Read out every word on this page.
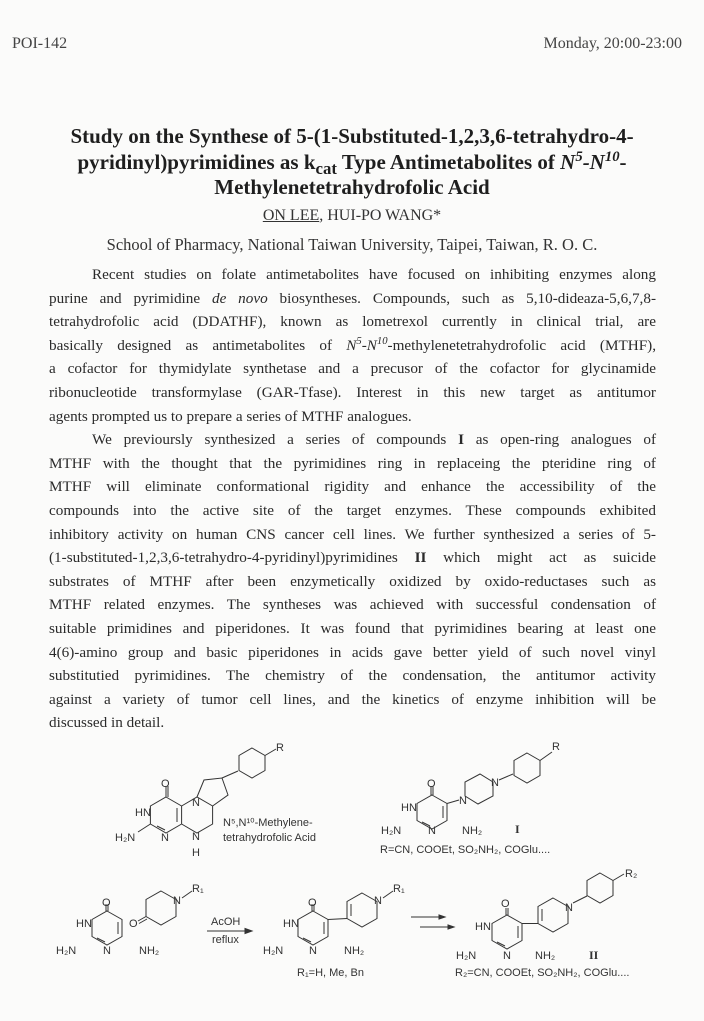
POI-142	Monday, 20:00-23:00
Study on the Synthese of 5-(1-Substituted-1,2,3,6-tetrahydro-4-
pyridinyl)pyrimidines as $k_{cat}$ Type Antimetabolites of $N^5-N^{10}-$
Methylenetetrahydrofolic Acid
ON LEE, HUI-PO WANG*
School of Pharmacy, National Taiwan University, Taipei, Taiwan, R. O. C.
Recent studies on folate antimetabolites have focused on inhibiting enzymes along
purine and pyrimidine de novo biosyntheses. Compounds, such as 5,10-dideaza-5,6,7,8-
tetrahydrofolic acid (DDATHF), known as lometrexol currently in clinical trial, are
basically designed as antimetabolites of $N^5-N^{10}$-methylenetetrahydrofolic acid (MTHF),
a cofactor for thymidylate synthetase and a precusor of the cofactor for glycinamide
ribonucleotide transformylase (GAR-Tfase). Interest in this new target as antitumor
agents prompted us to prepare a series of MTHF analogues.
We previoursly synthesized a series of compounds I as open-ring analogues of
MTHF with the thought that the pyrimidines ring in replaceing the pteridine ring of
MTHF will eliminate conformational rigidity and enhance the accessibility of the
compounds into the active site of the target enzymes. These compounds exhibited
inhibitory activity on human CNS cancer cell lines. We further synthesized a series of 5-
(1-substituted-1,2,3,6-tetrahydro-4-pyridinyl)pyrimidines II which might act as suicide
substrates of MTHF after been enzymetically oxidized by oxido-reductases such as
MTHF related enzymes. The syntheses was achieved with successful condensation of
suitable primidines and piperidones. It was found that pyrimidines bearing at least one
4(6)-amino group and basic piperidones in acids gave better yield of such novel vinyl
substitutied pyrimidines. The chemistry of the condensation, the antitumor activity
against a variety of tumor cell lines, and the kinetics of enzyme inhibition will be
discussed in detail.
O
HN
H₂N N N
H
N
R
N⁵,N¹⁰-Methylene-
tetrahydrofolic Acid
O
HN
H₂N N NH₂
N
N
R
I
R=CN, COOEt, SO₂NH₂, COGlu....
O
HN
H₂N N	NH₂
O
N
R₁
AcOH
reflux
O
HN
H₂N N NH₂
N
R₁
R₁=H, Me, Bn
O
HN
H₂N N NH₂
N
R₂
II
R₂=CN, COOEt, SO₂NH₂, COGlu....
